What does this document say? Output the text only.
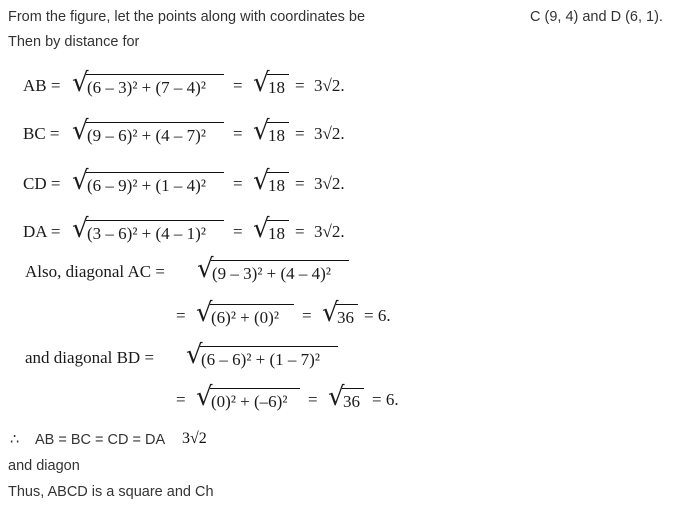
From the figure, let the points along with coordinates be	C (9, 4) and D (6, 1).
Then by distance for
AB = √
(6 – 3)² + (7 – 4)² = √
18 = 3√2.
BC = √
(9 – 6)² + (4 – 7)² = √
18 = 3√2.
CD = √
(6 – 9)² + (1 – 4)² = √
18 = 3√2.
DA = √
(3 – 6)² + (4 – 1)² = √
18 = 3√2.
Also, diagonal AC = √
(9 – 3)² + (4 – 4)²
= √
(6)² + (0)² = √
36 = 6.
and diagonal BD = √
(6 – 6)² + (1 – 7)²
= √
(0)² + (–6)² = √
36 = 6.
∴ AB = BC = CD = DA 3√2
and diagon
Thus, ABCD is a square and Ch
